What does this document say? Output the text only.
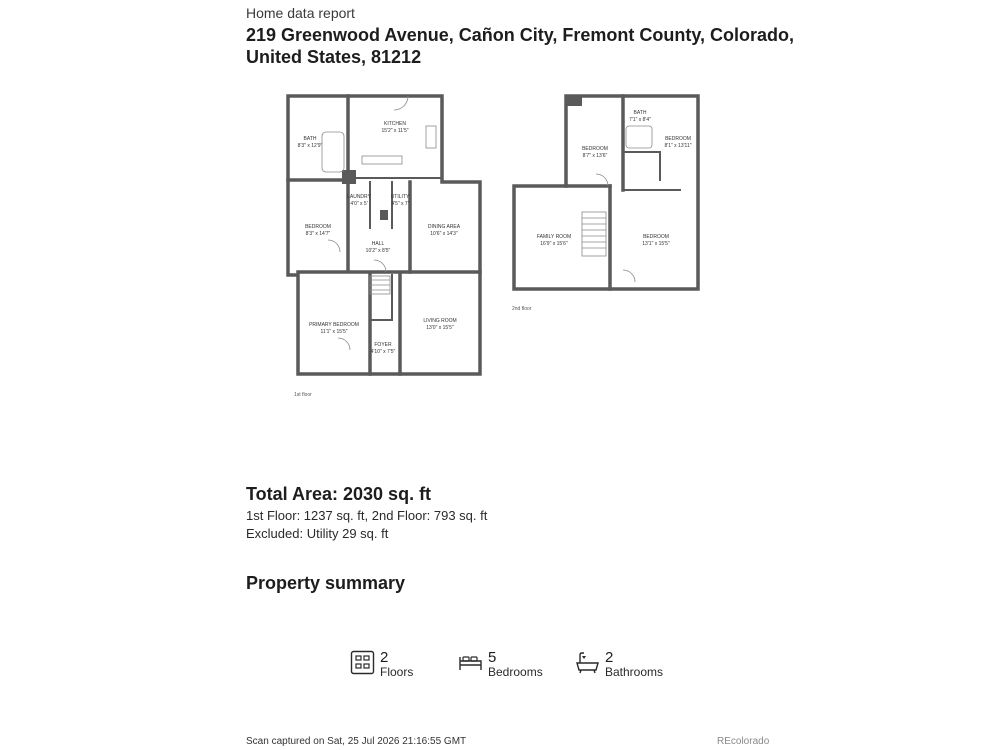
Home data report
219 Greenwood Avenue, Cañon City, Fremont County, Colorado, United States, 81212
KITCHEN
15'2" x 11'5"
BATH
8'3" x 12'9"
LAUNDRY
4'0" x 5'
UTILITY
4'5" x 7'
BEDROOM
8'3" x 14'7"
HALL
10'2" x 8'5"
DINING AREA
10'6" x 14'3"
PRIMARY BEDROOM
11'1" x 15'5"
FOYER
4'10" x 7'5"
LIVING ROOM
13'0" x 15'5"
1st floor
BATH
7'1" x 8'4"
BEDROOM
8'7" x 13'6"
BEDROOM
8'1" x 13'11"
FAMILY ROOM
16'9" x 15'6"
BEDROOM
13'1" x 15'5"
2nd floor
Total Area: 2030 sq. ft
1st Floor: 1237 sq. ft, 2nd Floor: 793 sq. ft
Excluded: Utility 29 sq. ft
Property summary
2
Floors
5
Bedrooms
2
Bathrooms
Scan captured on Sat, 25 Jul 2026 21:16:55 GMT	REcolorado
